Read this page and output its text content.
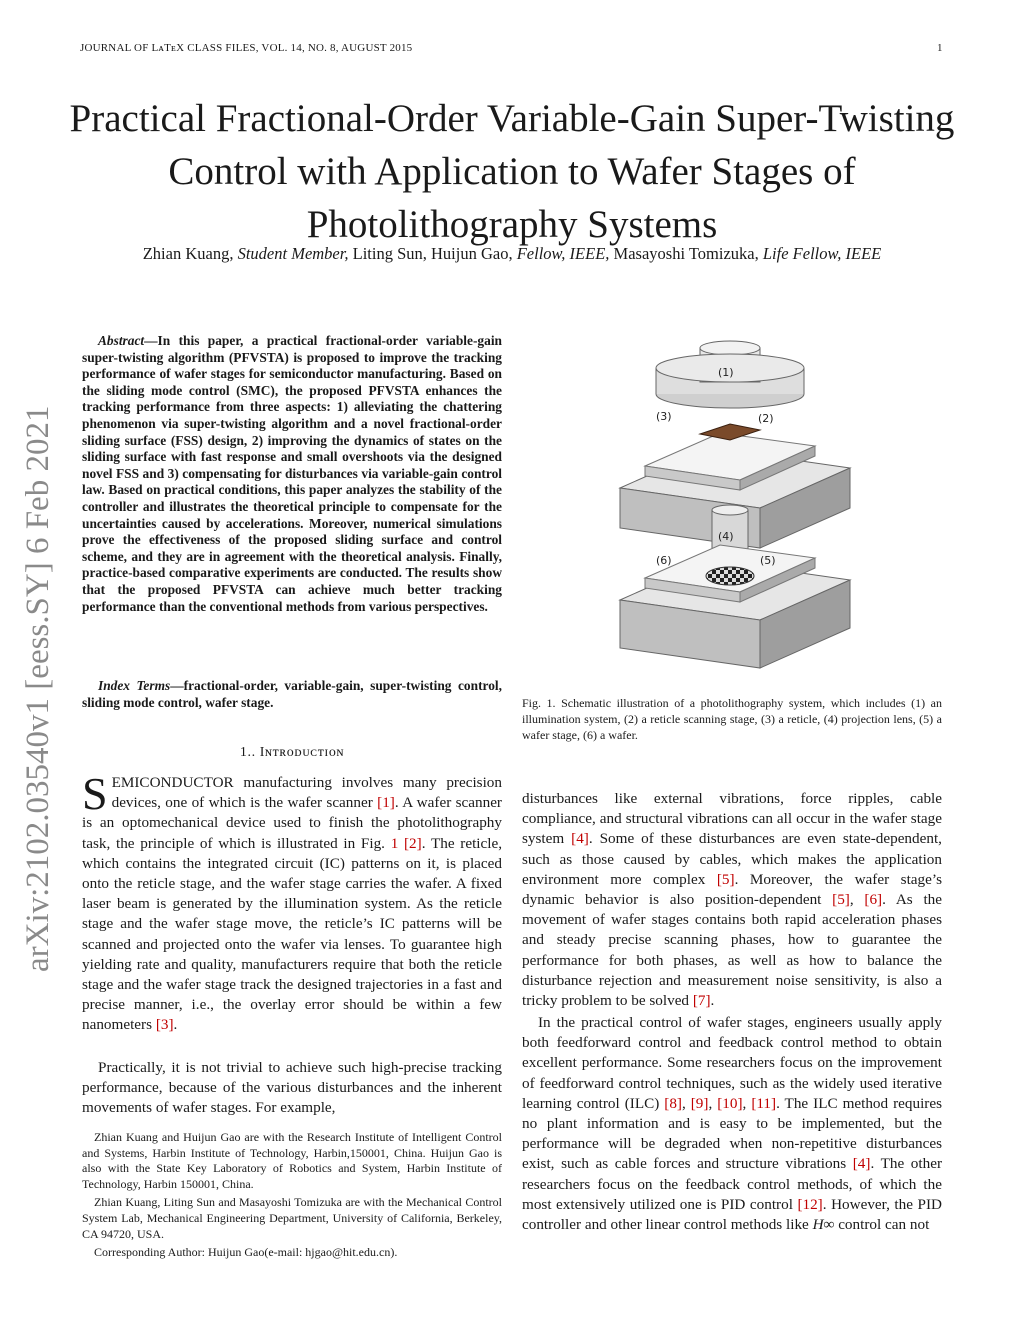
JOURNAL OF LᴀTᴇX CLASS FILES, VOL. 14, NO. 8, AUGUST 2015	1
Practical Fractional-Order Variable-Gain Super-Twisting Control with Application to Wafer Stages of Photolithography Systems
Zhian Kuang, Student Member, Liting Sun, Huijun Gao, Fellow, IEEE, Masayoshi Tomizuka, Life Fellow, IEEE
arXiv:2102.03540v1 [eess.SY] 6 Feb 2021
Abstract—In this paper, a practical fractional-order variable-gain super-twisting algorithm (PFVSTA) is proposed to improve the tracking performance of wafer stages for semiconductor manufacturing. Based on the sliding mode control (SMC), the proposed PFVSTA enhances the tracking performance from three aspects: 1) alleviating the chattering phenomenon via super-twisting algorithm and a novel fractional-order sliding surface (FSS) design, 2) improving the dynamics of states on the sliding surface with fast response and small overshoots via the designed novel FSS and 3) compensating for disturbances via variable-gain control law. Based on practical conditions, this paper analyzes the stability of the controller and illustrates the theoretical principle to compensate for the uncertainties caused by accelerations. Moreover, numerical simulations prove the effectiveness of the proposed sliding surface and control scheme, and they are in agreement with the theoretical analysis. Finally, practice-based comparative experiments are conducted. The results show that the proposed PFVSTA can achieve much better tracking performance than the conventional methods from various perspectives.
Index Terms—fractional-order, variable-gain, super-twisting control, sliding mode control, wafer stage.
1.. Iɴᴛʀᴏᴅᴜᴄᴛɪᴏɴ
SEMICONDUCTOR manufacturing involves many precision devices, one of which is the wafer scanner [1]. A wafer scanner is an optomechanical device used to finish the photolithography task, the principle of which is illustrated in Fig. 1 [2]. The reticle, which contains the integrated circuit (IC) patterns on it, is placed onto the reticle stage, and the wafer stage carries the wafer. A fixed laser beam is generated by the illumination system. As the reticle stage and the wafer stage move, the reticle’s IC patterns will be scanned and projected onto the wafer via lenses. To guarantee high yielding rate and quality, manufacturers require that both the reticle stage and the wafer stage track the designed trajectories in a fast and precise manner, i.e., the overlay error should be within a few nanometers [3].
Practically, it is not trivial to achieve such high-precise tracking performance, because of the various disturbances and the inherent movements of wafer stages. For example,

Zhian Kuang and Huijun Gao are with the Research Institute of Intelligent Control and Systems, Harbin Institute of Technology, Harbin,150001, China. Huijun Gao is also with the State Key Laboratory of Robotics and System, Harbin Institute of Technology, Harbin 150001, China.

Zhian Kuang, Liting Sun and Masayoshi Tomizuka are with the Mechanical Control System Lab, Mechanical Engineering Department, University of California, Berkeley, CA 94720, USA.

Corresponding Author: Huijun Gao(e-mail: hjgao@hit.edu.cn).

(1)
(2)
(3)
(4)
(5)
(6)
Fig. 1. Schematic illustration of a photolithography system, which includes (1) an illumination system, (2) a reticle scanning stage, (3) a reticle, (4) projection lens, (5) a wafer stage, (6) a wafer.
disturbances like external vibrations, force ripples, cable compliance, and structural vibrations can all occur in the wafer stage system [4]. Some of these disturbances are even state-dependent, such as those caused by cables, which makes the application environment more complex [5]. Moreover, the wafer stage’s dynamic behavior is also position-dependent [5], [6]. As the movement of wafer stages contains both rapid acceleration phases and steady precise scanning phases, how to guarantee the performance for both phases, as well as how to balance the disturbance rejection and measurement noise sensitivity, is also a tricky problem to be solved [7].
In the practical control of wafer stages, engineers usually apply both feedforward control and feedback control method to obtain excellent performance. Some researchers focus on the improvement of feedforward control techniques, such as the widely used iterative learning control (ILC) [8], [9], [10], [11]. The ILC method requires no plant information and is easy to be implemented, but the performance will be degraded when non-repetitive disturbances exist, such as cable forces and structure vibrations [4]. The other researchers focus on the feedback control methods, of which the most extensively utilized one is PID control [12]. However, the PID controller and other linear control methods like H∞ control can not
